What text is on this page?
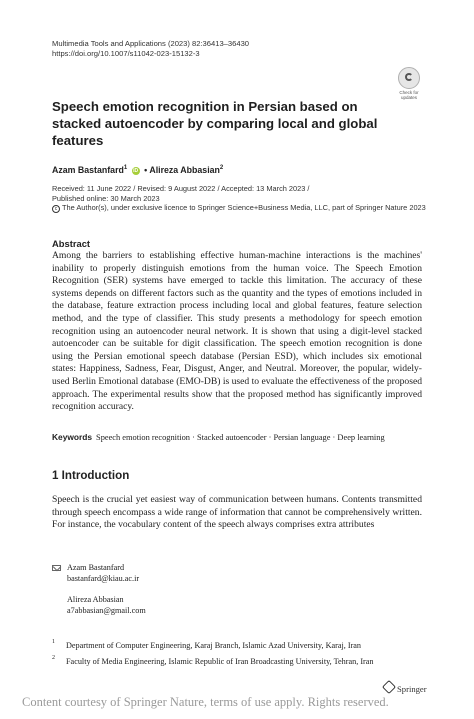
Multimedia Tools and Applications (2023) 82:36413–36430
https://doi.org/10.1007/s11042-023-15132-3
Check for updates
Speech emotion recognition in Persian based on stacked autoencoder by comparing local and global features
Azam Bastanfard$^1$ iD • Alireza Abbasian$^2$
Received: 11 June 2022 / Revised: 9 August 2022 / Accepted: 13 March 2023 /
Published online: 30 March 2023
c The Author(s), under exclusive licence to Springer Science+Business Media, LLC, part of Springer Nature 2023
Abstract
Among the barriers to establishing effective human-machine interactions is the machines' inability to properly distinguish emotions from the human voice. The Speech Emotion Recognition (SER) systems have emerged to tackle this limitation. The accuracy of these systems depends on different factors such as the quantity and the types of emotions included in the database, feature extraction process including local and global features, feature selection method, and the type of classifier. This study presents a methodology for speech emotion recognition using an autoencoder neural network. It is shown that using a digit-level stacked autoencoder can be suitable for digit classification. The speech emotion recognition is done using the Persian emotional speech database (Persian ESD), which includes six emotional states: Happiness, Sadness, Fear, Disgust, Anger, and Neutral. Moreover, the popular, widely-used Berlin Emotional database (EMO-DB) is used to evaluate the effectiveness of the proposed approach. The experimental results show that the proposed method has significantly improved recognition accuracy.
Keywords Speech emotion recognition · Stacked autoencoder · Persian language · Deep learning
1 Introduction
Speech is the crucial yet easiest way of communication between humans. Contents transmitted through speech encompass a wide range of information that cannot be comprehensively written. For instance, the vocabulary content of the speech always comprises extra attributes
Azam Bastanfard
bastanfard@kiau.ac.ir
Alireza Abbasian
a7abbasian@gmail.com
1 Department of Computer Engineering, Karaj Branch, Islamic Azad University, Karaj, Iran
2 Faculty of Media Engineering, Islamic Republic of Iran Broadcasting University, Tehran, Iran
Springer
Content courtesy of Springer Nature, terms of use apply. Rights reserved.
